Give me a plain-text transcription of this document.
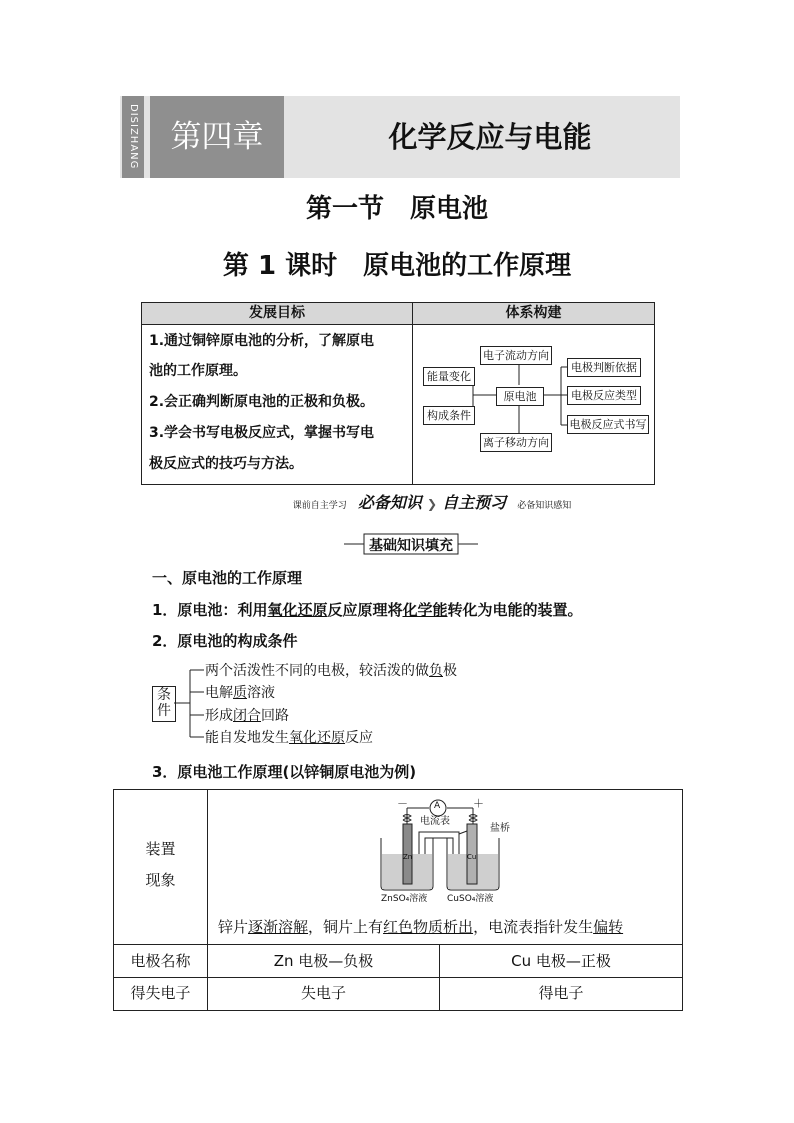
DISIZHANG	第四章	化学反应与电能
第一节　原电池
第 1 课时　原电池的工作原理
发展目标	体系构建
1.通过铜锌原电池的分析，了解原电
池的工作原理。
2.会正确判断原电池的正极和负极。
3.学会书写电极反应式，掌握书写电
极反应式的技巧与方法。
电子流动方向
离子移动方向
能量变化
构成条件
原电池
电极判断依据
电极反应类型
电极反应式书写
课前自主学习 必备知识 ❯ 自主预习 必备知识感知
基础知识填充
一、原电池的工作原理
1．原电池：利用氧化还原反应原理将化学能转化为电能的装置。
2．原电池的构成条件
条件
两个活泼性不同的电极，较活泼的做负极
电解质溶液
形成闭合回路
能自发地发生氧化还原反应
3．原电池工作原理(以锌铜原电池为例)
装置
现象
－	＋
A
电流表
盐桥
Zn	Cu
ZnSO₄溶液 CuSO₄溶液
锌片逐渐溶解，铜片上有红色物质析出，电流表指针发生偏转
电极名称	Zn 电极—负极	Cu 电极—正极
得失电子	失电子	得电子
